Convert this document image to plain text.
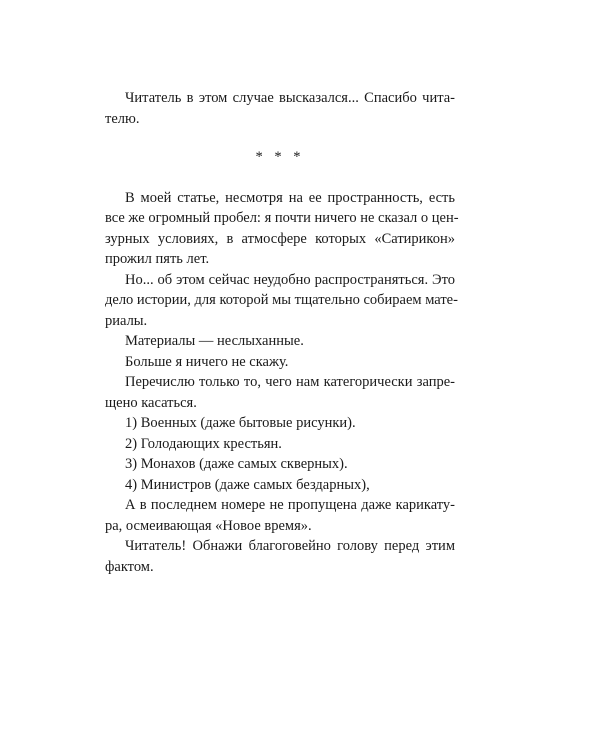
Читатель в этом случае высказался... Спасибо чита-
телю.
* * *
В моей статье, несмотря на ее пространность, есть
все же огромный пробел: я почти ничего не сказал о цен-
зурных условиях, в атмосфере которых «Сатирикон»
прожил пять лет.
Но... об этом сейчас неудобно распространяться. Это
дело истории, для которой мы тщательно собираем мате-
риалы.
Материалы — неслыханные.
Больше я ничего не скажу.
Перечислю только то, чего нам категорически запре-
щено касаться.
1) Военных (даже бытовые рисунки).
2) Голодающих крестьян.
3) Монахов (даже самых скверных).
4) Министров (даже самых бездарных),
А в последнем номере не пропущена даже карикату-
ра, осмеивающая «Новое время».
Читатель! Обнажи благоговейно голову перед этим
фактом.
